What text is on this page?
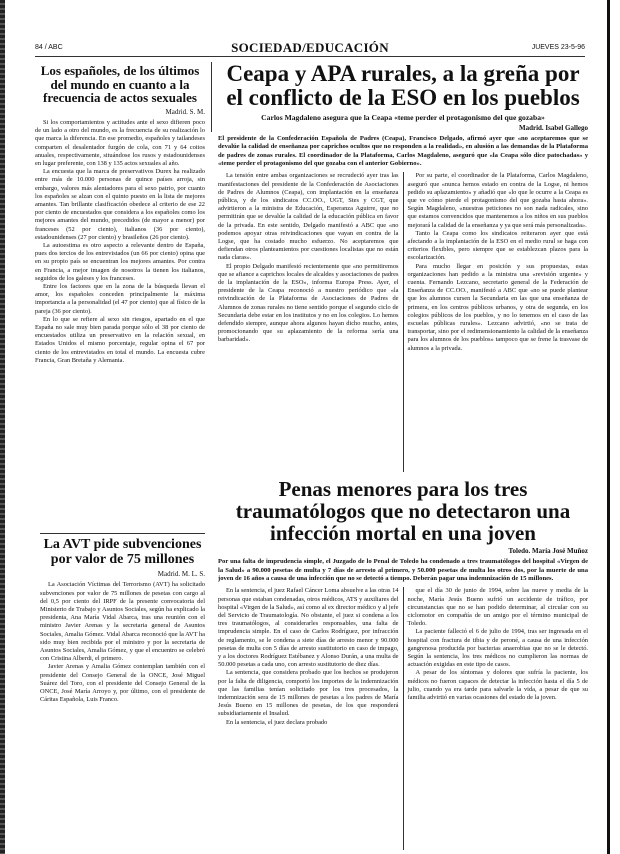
84 / ABC	SOCIEDAD/EDUCACIÓN	JUEVES 23-5-96
Los españoles, de los últimos del mundo en cuanto a la frecuencia de actos sexuales
Madrid. S. M.

Si los comportamientos y actitudes ante el sexo difieren poco de un lado a otro del mundo, es la frecuencia de su realización lo que marca la diferencia. En ese promedio, españoles y tailandeses comparten el desalentador furgón de cola, con 71 y 64 coitos anuales, respectivamente, situándose los rusos y estadounidenses en lugar preferente, con 138 y 135 actos sexuales al año.

La encuesta que la marca de preservativos Durex ha realizado entre más de 10.000 personas de quince países arroja, sin embargo, valores más alentadores para el sexo patrio, por cuanto los españoles se alzan con el quinto puesto en la lista de mejores amantes. Tan brillante clasificación obedece al criterio de ese 22 por ciento de encuestados que considera a los españoles como los mejores amantes del mundo, precedidos (de mayor a menor) por franceses (52 por ciento), italianos (36 por ciento), estadounidenses (27 por ciento) y brasileños (26 por ciento).

La autoestima es otro aspecto a relevante dentro de España, pues dos tercios de los entrevistados (un 66 por ciento) opina que en su propio país se encuentran los mejores amantes. Por contra en Francia, a mejor imagen de nosotros la tienen los italianos, seguidos de los galeses y los franceses.

Entre los factores que en la zona de la búsqueda llevan el amor, los españoles conceden principalmente la máxima importancia a la personalidad (el 47 por ciento) que al físico de la pareja (36 por ciento).

En lo que se refiere al sexo sin riesgos, apartado en el que España no sale muy bien parada porque sólo el 38 por ciento de encuestados utiliza un preservativo en la relación sexual, en Estados Unidos el mismo porcentaje, regular opina el 67 por ciento de los entrevistados en total el mundo. La encuesta cubre Francia, Gran Bretaña y Alemania.

La AVT pide subvenciones por valor de 75 millones
Madrid. M. L. S.

La Asociación Víctimas del Terrorismo (AVT) ha solicitado subvenciones por valor de 75 millones de pesetas con cargo al del 0,5 por ciento del IRPF de la presente convocatoria del Ministerio de Trabajo y Asuntos Sociales, según ha explicado la presidenta, Ana María Vidal Abarca, tras una reunión con el ministro Javier Arenas y la secretaria general de Asuntos Sociales, Amalia Gómez. Vidal Abarca reconoció que la AVT ha sido muy bien recibida por el ministro y por la secretaria de Asuntos Sociales, Amalia Gómez, y que el encuentro se celebró con Cristina Alberdi, el primero.

Javier Arenas y Amalia Gómez contemplan también con el presidente del Consejo General de la ONCE, José Miguel Suárez del Toro, con el presidente del Consejo General de la ONCE, José María Arroyo y, por último, con el presidente de Cáritas Española, Luis Franco.

Ceapa y APA rurales, a la greña por el conflicto de la ESO en los pueblos
Carlos Magdaleno asegura que la Ceapa «teme perder el protagonismo del que gozaba»
Madrid. Isabel Gallego
El presidente de la Confederación Española de Padres (Ceapa), Francisco Delgado, afirmó ayer que «no aceptaremos que se devalúe la calidad de enseñanza por caprichos ocultos que no responden a la realidad», en alusión a las demandas de la Plataforma de padres de zonas rurales. El coordinador de la Plataforma, Carlos Magdaleno, aseguró que «la Ceapa sólo dice patochadas» y «teme perder el protagonismo del que gozaba con el anterior Gobierno».

La tensión entre ambas organizaciones se recrudeció ayer tras las manifestaciones del presidente de la Confederación de Asociaciones de Padres de Alumnos (Ceapa), con implantación en la enseñanza pública, y de los sindicatos CC.OO., UGT, Stes y CGT, que advirtieron a la ministra de Educación, Esperanza Aguirre, que no permitirán que se devalúe la calidad de la educación pública en favor de la privada. En este sentido, Delgado manifestó a ABC que «no podemos apoyar otras reivindicaciones que vayan en contra de la Logse, que ha costado mucho esfuerzo. No aceptaremos que defiendan otros planteamientos por cuestiones localistas que no están nada claras».

El propio Delgado manifestó recientemente que «no permitiremos que se afiance a caprichos locales de alcaldes y asociaciones de padres de la implantación de la ESO», informa Europa Press. Ayer, el presidente de la Ceapa reconoció a nuestro periódico que «la reivindicación de la Plataforma de Asociaciones de Padres de Alumnos de zonas rurales no tiene sentido porque el segundo ciclo de Secundaria debe estar en los institutos y no en los colegios. Lo hemos defendido siempre, aunque ahora algunos hayan dicho mucho, antes, promocionando que su aplazamiento de la reforma sería una barbaridad».

Por su parte, el coordinador de la Plataforma, Carlos Magdaleno, aseguró que «nunca hemos estado en contra de la Logse, ni hemos pedido su aplazamiento» y añadió que «lo que le ocurre a la Ceapa es que ve cómo pierde el protagonismo del que gozaba hasta ahora». Según Magdaleno, «nuestras peticiones no son nada radicales, sino que estamos convencidos que mantenemos a los niños en sus pueblos mejorará la calidad de la enseñanza y ya que será más personalizada».

Tanto la Ceapa como los sindicatos reiteraron ayer que está afectando a la implantación de la ESO en el medio rural se haga con criterios flexibles, pero siempre que se establezcan plazos para la escolarización.

Para mucho llegar en posición y sus propuestas, estas organizaciones han pedido a la ministra una «revisión urgente» y cuenta. Fernando Lezcano, secretario general de la Federación de Enseñanza de CC.OO., manifestó a ABC que «no se puede plantear que los alumnos cursen la Secundaria en las que una enseñanza de primera, en los centros públicos urbanos, y otra de segunda, en los colegios públicos de los pueblos, y no lo tenemos en el caso de las escuelas públicas rurales». Lezcano advirtió, «no se trata de transportar, sino por el redimensionamiento la calidad de la enseñanza para los alumnos de los pueblos» tampoco que se frene la trasvase de alumnos a la privada.

Penas menores para los tres traumatólogos que no detectaron una infección mortal en una joven
Toledo. María José Muñoz
Por una falta de imprudencia simple, el Juzgado de lo Penal de Toledo ha condenado a tres traumatólogos del hospital «Virgen de la Salud» a 90.000 pesetas de multa y 7 días de arresto al primero, y 50.000 pesetas de multa los otros dos, por la muerte de una joven de 16 años a causa de una infección que no se detectó a tiempo. Deberán pagar una indemnización de 15 millones.

En la sentencia, el juez Rafael Cáncer Loma absuelve a las otras 14 personas que estaban condenadas, otros médicos, ATS y auxiliares del hospital «Virgen de la Salud», así como al ex director médico y al jefe del Servicio de Traumatología. No obstante, el juez si condena a los tres traumatólogos, al considerarles responsables, una falta de imprudencia simple. En el caso de Carlos Rodríguez, por infracción de reglamento, se le condena a siete días de arresto menor y 90.000 pesetas de multa con 5 días de arresto sustitutorio en caso de impago, y a los doctores Rodríguez Estébanez y Alonso Durán, a una multa de 50.000 pesetas a cada uno, con arresto sustitutorio de diez días.

La sentencia, que considera probado que los hechos se produjeron por la falta de diligencia, comportó los importes de la indemnización que las familias tenían solicitado por los tres procesados, la indemnización sera de 15 millones de pesetas a los padres de María Jesús Bueno en 15 millones de pesetas, de los que responderá subsidiariamente el Insalud.

En la sentencia, el juez declara probado

que el día 30 de junio de 1994, sobre las nueve y media de la noche, María Jesús Bueno sufrió un accidente de tráfico, por circunstancias que no se han podido determinar, al circular con su ciclomotor en compañía de un amigo por el término municipal de Toledo.

La paciente falleció el 6 de julio de 1994, tras ser ingresada en el hospital con fractura de tibia y de peroné, a causa de una infección gangrenosa producida por bacterias anaerobias que no se le detectó. Según la sentencia, los tres médicos no cumplieron las normas de actuación exigidas en este tipo de casos.

A pesar de los síntomas y dolores que sufría la paciente, los médicos no fueron capaces de detectar la infección hasta el día 5 de julio, cuando ya era tarde para salvarle la vida, a pesar de que su familia advirtió en varias ocasiones del estado de la joven.
